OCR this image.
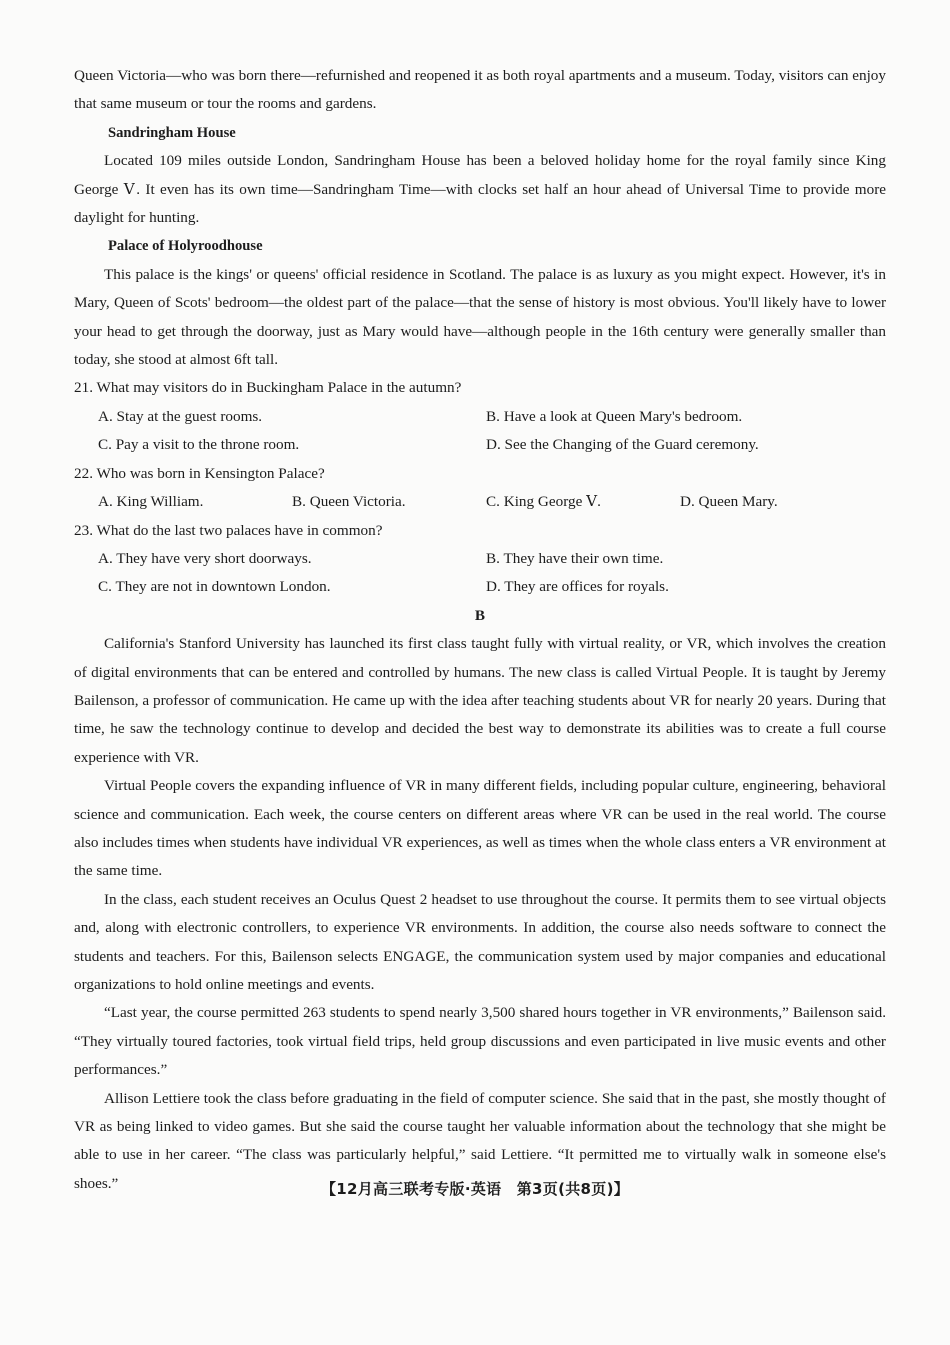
Queen Victoria—who was born there—refurnished and reopened it as both royal apartments and a museum. Today, visitors can enjoy that same museum or tour the rooms and gardens.

Sandringham House

Located 109 miles outside London, Sandringham House has been a beloved holiday home for the royal family since King George Ⅴ. It even has its own time—Sandringham Time—with clocks set half an hour ahead of Universal Time to provide more daylight for hunting.

Palace of Holyroodhouse

This palace is the kings' or queens' official residence in Scotland. The palace is as luxury as you might expect. However, it's in Mary, Queen of Scots' bedroom—the oldest part of the palace—that the sense of history is most obvious. You'll likely have to lower your head to get through the doorway, just as Mary would have—although people in the 16th century were generally smaller than today, she stood at almost 6ft tall.

21. What may visitors do in Buckingham Palace in the autumn?

A. Stay at the guest rooms.	B. Have a look at Queen Mary's bedroom.
C. Pay a visit to the throne room.	D. See the Changing of the Guard ceremony.

22. Who was born in Kensington Palace?

A. King William.	B. Queen Victoria.	C. King George Ⅴ.	D. Queen Mary.

23. What do the last two palaces have in common?

A. They have very short doorways.	B. They have their own time.
C. They are not in downtown London.	D. They are offices for royals.

B

California's Stanford University has launched its first class taught fully with virtual reality, or VR, which involves the creation of digital environments that can be entered and controlled by humans. The new class is called Virtual People. It is taught by Jeremy Bailenson, a professor of communication. He came up with the idea after teaching students about VR for nearly 20 years. During that time, he saw the technology continue to develop and decided the best way to demonstrate its abilities was to create a full course experience with VR.

Virtual People covers the expanding influence of VR in many different fields, including popular culture, engineering, behavioral science and communication. Each week, the course centers on different areas where VR can be used in the real world. The course also includes times when students have individual VR experiences, as well as times when the whole class enters a VR environment at the same time.

In the class, each student receives an Oculus Quest 2 headset to use throughout the course. It permits them to see virtual objects and, along with electronic controllers, to experience VR environments. In addition, the course also needs software to connect the students and teachers. For this, Bailenson selects ENGAGE, the communication system used by major companies and educational organizations to hold online meetings and events.

“Last year, the course permitted 263 students to spend nearly 3,500 shared hours together in VR environments,” Bailenson said. “They virtually toured factories, took virtual field trips, held group discussions and even participated in live music events and other performances.”

Allison Lettiere took the class before graduating in the field of computer science. She said that in the past, she mostly thought of VR as being linked to video games. But she said the course taught her valuable information about the technology that she might be able to use in her career. “The class was particularly helpful,” said Lettiere. “It permitted me to virtually walk in someone else's shoes.”	【12月高三联考专版·英语　第3页(共8页)】
